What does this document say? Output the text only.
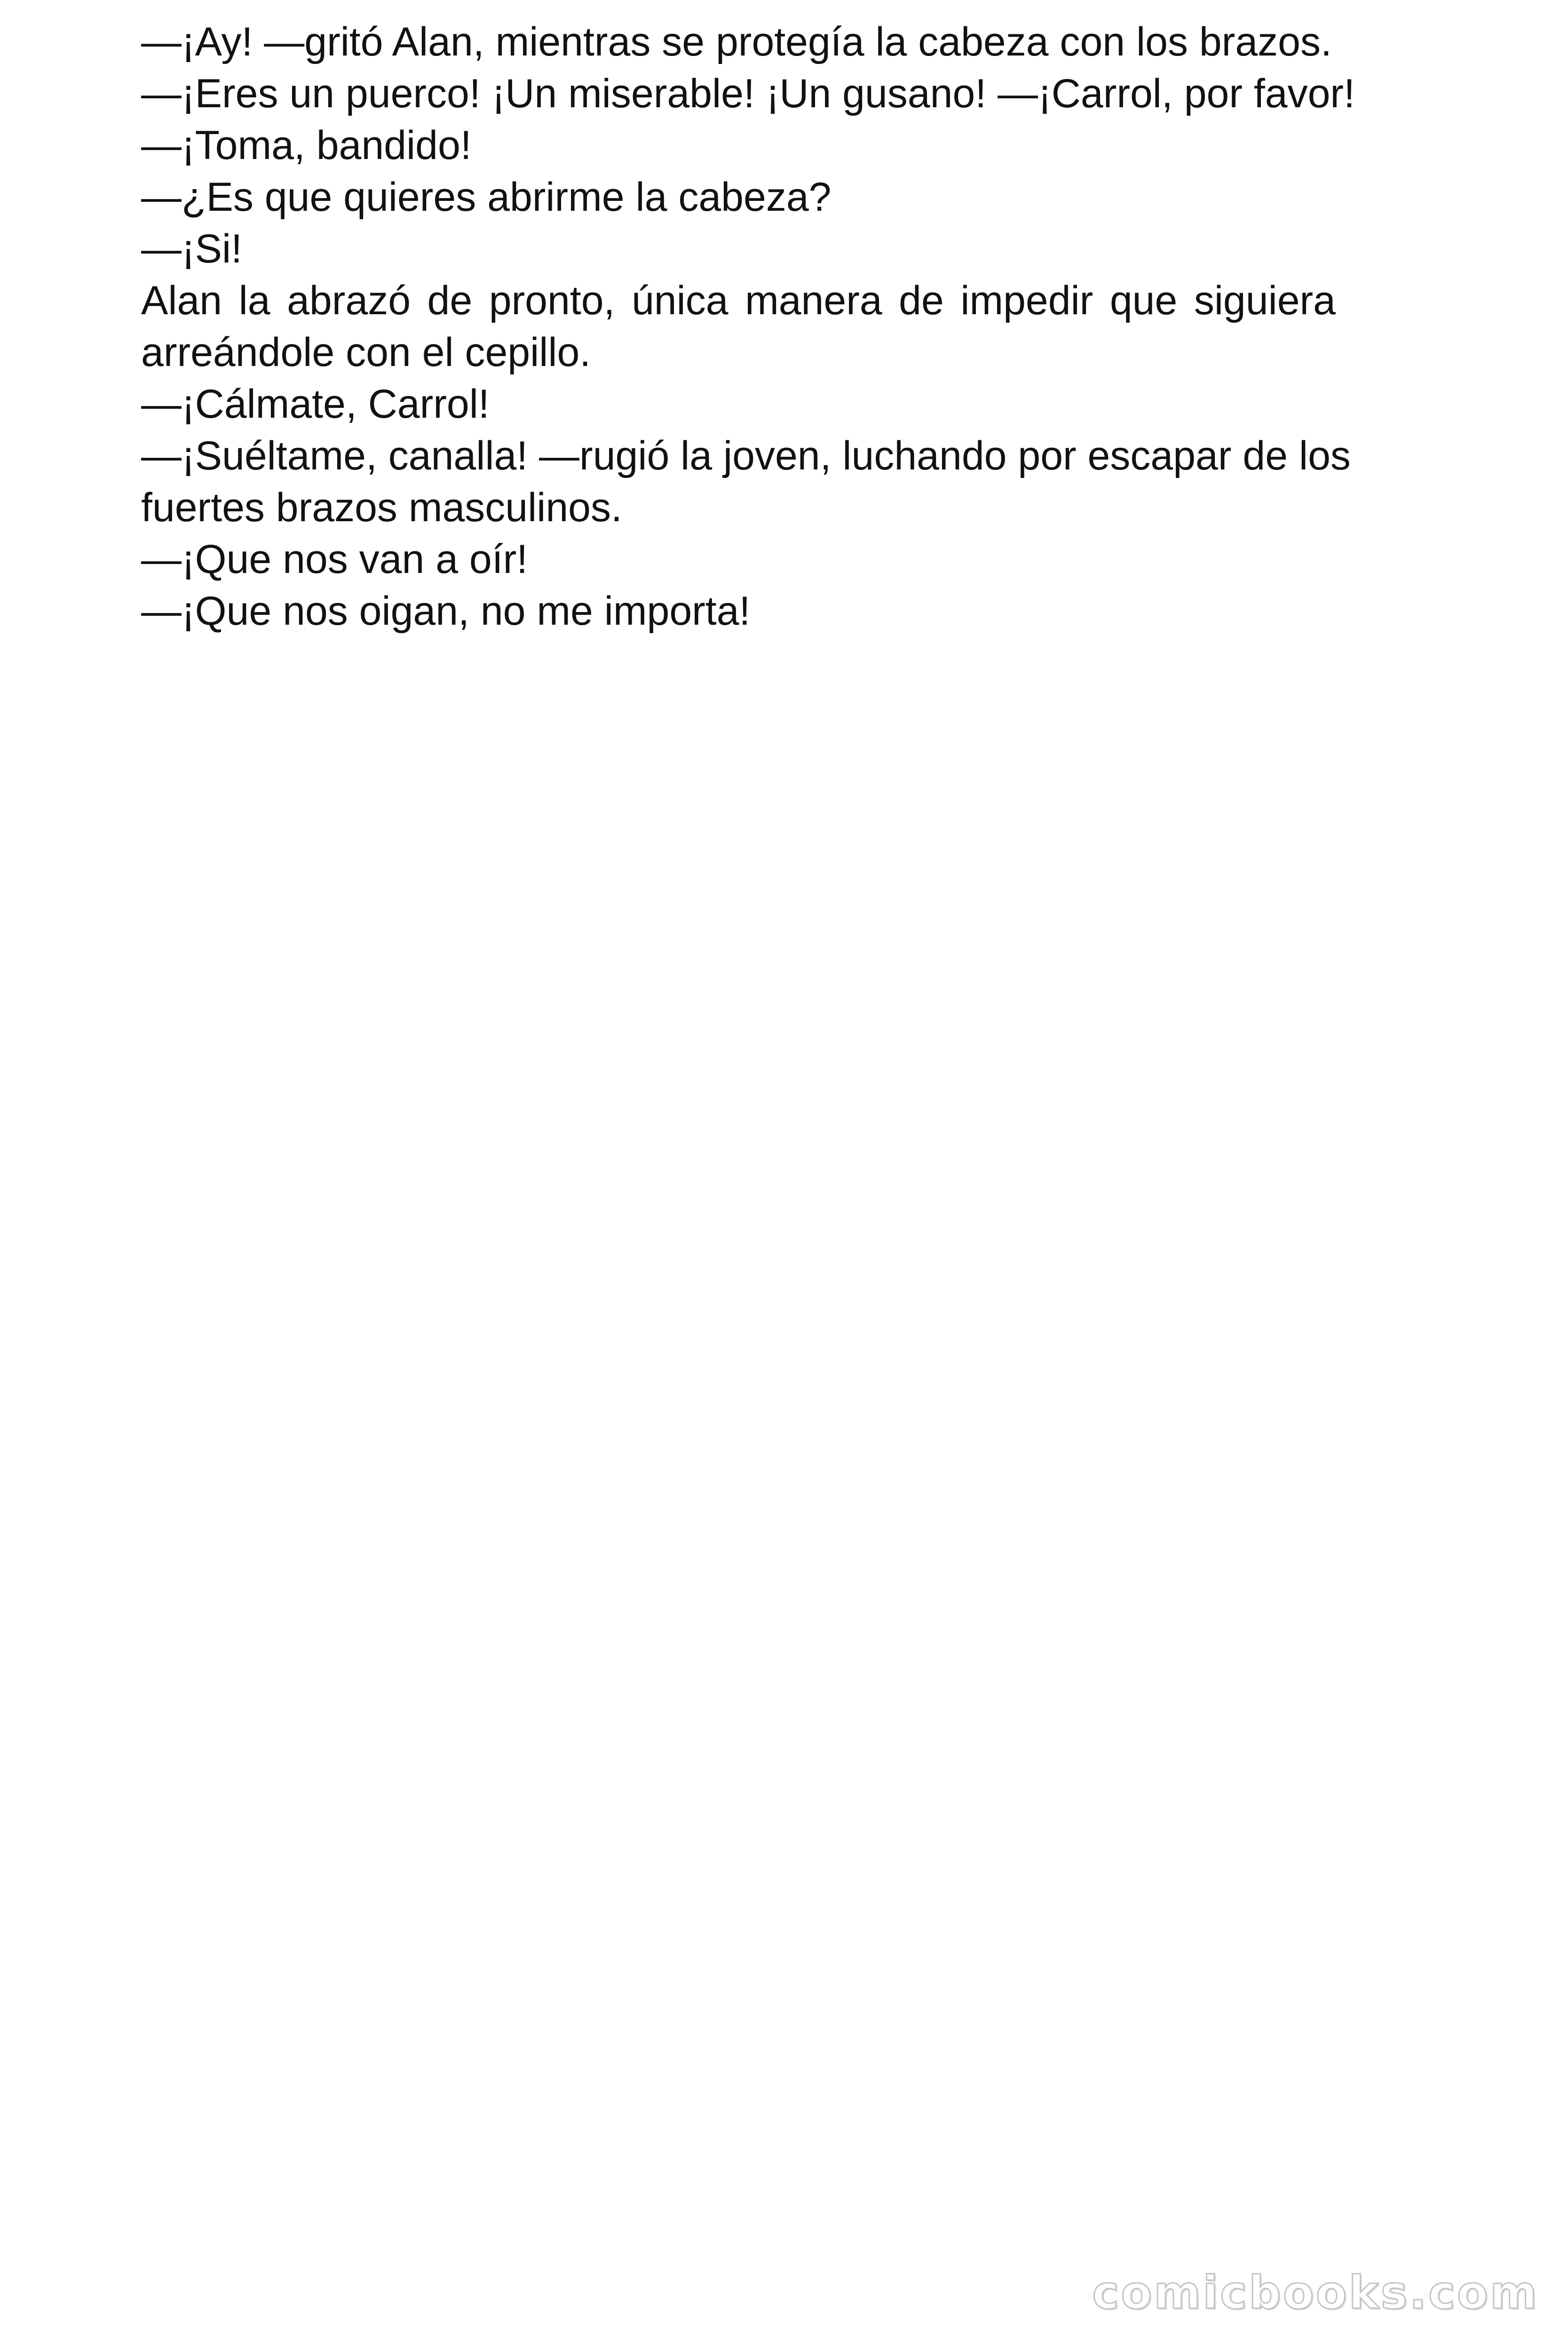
—¡Ay! —gritó Alan, mientras se protegía la cabeza con los brazos.

—¡Eres un puerco! ¡Un miserable! ¡Un gusano! —¡Carrol, por favor!

—¡Toma, bandido!

—¿Es que quieres abrirme la cabeza?

—¡Si!

Alan la abrazó de pronto, única manera de impedir que siguiera arreándole con el cepillo.

—¡Cálmate, Carrol!

—¡Suéltame, canalla! —rugió la joven, luchando por escapar de los fuertes brazos masculinos.

—¡Que nos van a oír!

—¡Que nos oigan, no me importa!

comicbooks.com
